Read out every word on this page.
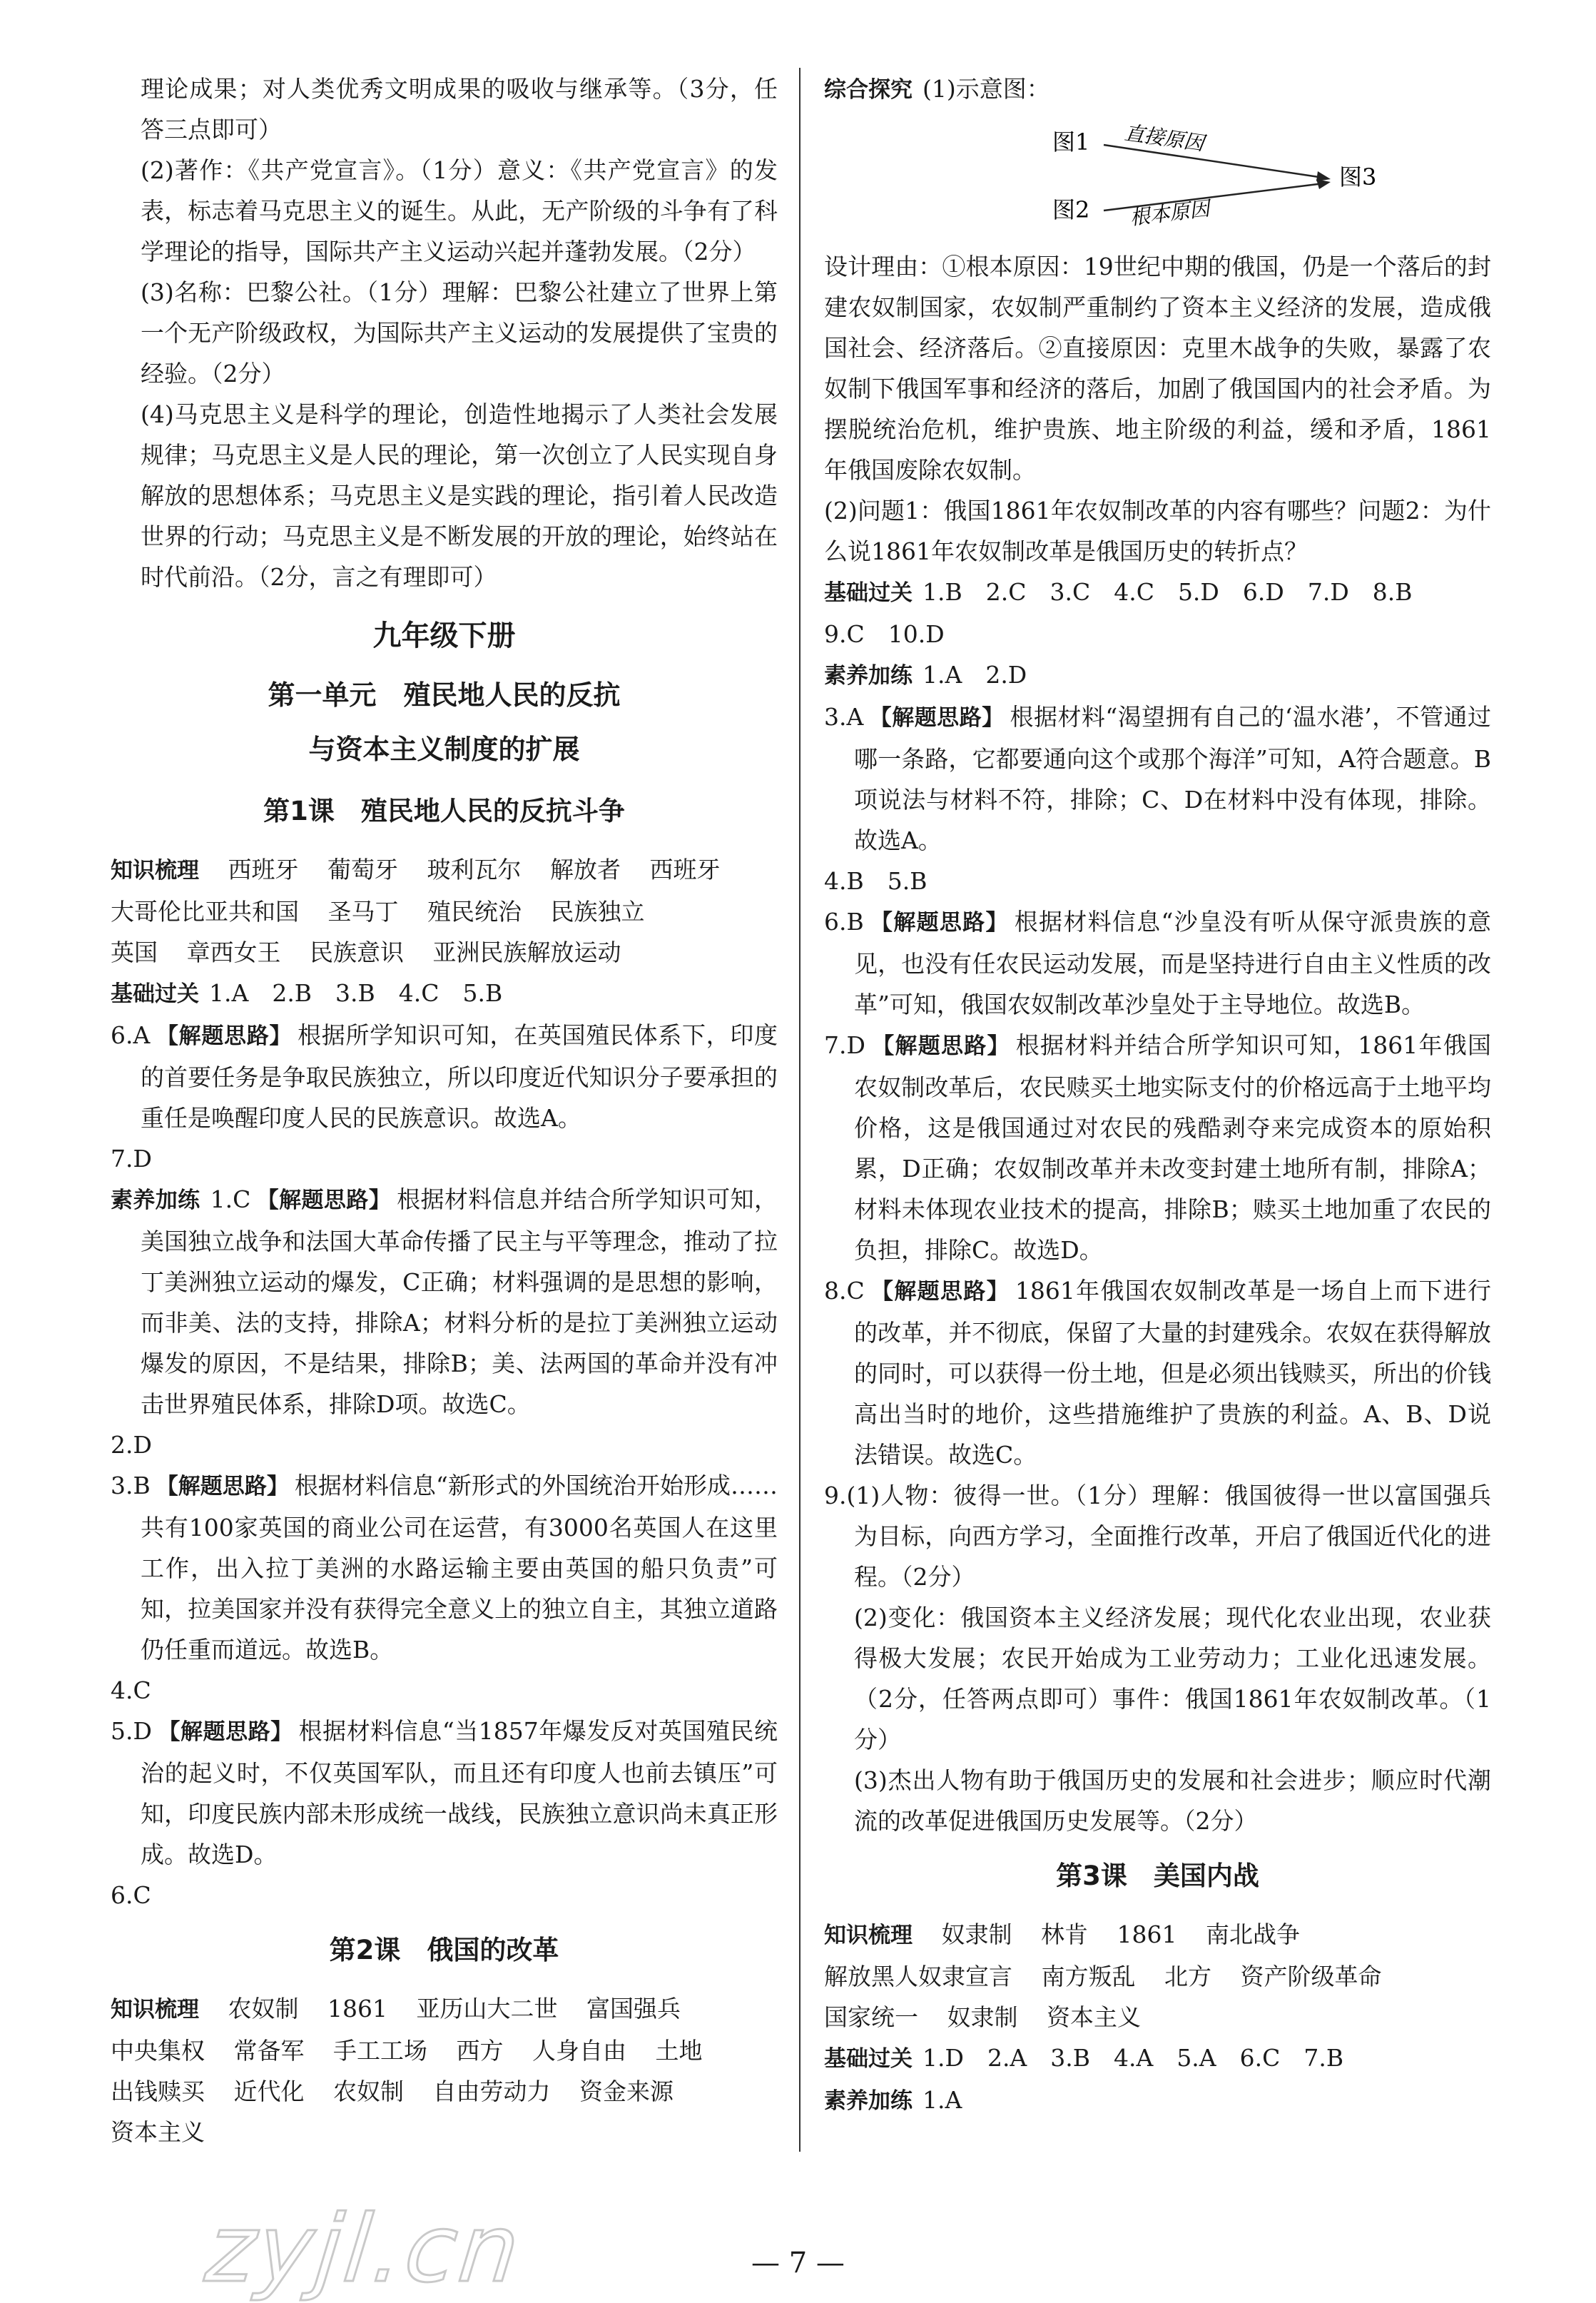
理论成果；对人类优秀文明成果的吸收与继承等。（3分，任答三点即可）

(2)著作：《共产党宣言》。（1分）意义：《共产党宣言》的发表，标志着马克思主义的诞生。从此，无产阶级的斗争有了科学理论的指导，国际共产主义运动兴起并蓬勃发展。（2分）

(3)名称：巴黎公社。（1分）理解：巴黎公社建立了世界上第一个无产阶级政权，为国际共产主义运动的发展提供了宝贵的经验。（2分）

(4)马克思主义是科学的理论，创造性地揭示了人类社会发展规律；马克思主义是人民的理论，第一次创立了人民实现自身解放的思想体系；马克思主义是实践的理论，指引着人民改造世界的行动；马克思主义是不断发展的开放的理论，始终站在时代前沿。（2分，言之有理即可）

九年级下册
第一单元　殖民地人民的反抗
与资本主义制度的扩展
第1课　殖民地人民的反抗斗争

知识梳理 西班牙 葡萄牙 玻利瓦尔 解放者 西班牙

大哥伦比亚共和国 圣马丁 殖民统治 民族独立

英国 章西女王 民族意识 亚洲民族解放运动

基础过关 1.A　2.B　3.B　4.C　5.B

6.A 【解题思路】 根据所学知识可知，在英国殖民体系下，印度的首要任务是争取民族独立，所以印度近代知识分子要承担的重任是唤醒印度人民的民族意识。故选A。

7.D

素养加练 1.C 【解题思路】 根据材料信息并结合所学知识可知，美国独立战争和法国大革命传播了民主与平等理念，推动了拉丁美洲独立运动的爆发，C正确；材料强调的是思想的影响，而非美、法的支持，排除A；材料分析的是拉丁美洲独立运动爆发的原因，不是结果，排除B；美、法两国的革命并没有冲击世界殖民体系，排除D项。故选C。

2.D

3.B 【解题思路】 根据材料信息“新形式的外国统治开始形成……共有100家英国的商业公司在运营，有3000名英国人在这里工作，出入拉丁美洲的水路运输主要由英国的船只负责”可知，拉美国家并没有获得完全意义上的独立自主，其独立道路仍任重而道远。故选B。

4.C

5.D 【解题思路】 根据材料信息“当1857年爆发反对英国殖民统治的起义时，不仅英国军队，而且还有印度人也前去镇压”可知，印度民族内部未形成统一战线，民族独立意识尚未真正形成。故选D。

6.C

第2课　俄国的改革

知识梳理 农奴制 1861 亚历山大二世 富国强兵

中央集权 常备军 手工工场 西方 人身自由 土地

出钱赎买 近代化 农奴制 自由劳动力 资金来源

资本主义

综合探究 (1)示意图：

图1
图2
图3
直接原因
根本原因

设计理由：①根本原因：19世纪中期的俄国，仍是一个落后的封建农奴制国家，农奴制严重制约了资本主义经济的发展，造成俄国社会、经济落后。②直接原因：克里木战争的失败，暴露了农奴制下俄国军事和经济的落后，加剧了俄国国内的社会矛盾。为摆脱统治危机，维护贵族、地主阶级的利益，缓和矛盾，1861年俄国废除农奴制。

(2)问题1：俄国1861年农奴制改革的内容有哪些？问题2：为什么说1861年农奴制改革是俄国历史的转折点？

基础过关 1.B　2.C　3.C　4.C　5.D　6.D　7.D　8.B

9.C　10.D

素养加练 1.A　2.D

3.A 【解题思路】 根据材料“渴望拥有自己的‘温水港’，不管通过哪一条路，它都要通向这个或那个海洋”可知，A符合题意。B项说法与材料不符，排除；C、D在材料中没有体现，排除。故选A。

4.B　5.B

6.B 【解题思路】 根据材料信息“沙皇没有听从保守派贵族的意见，也没有任农民运动发展，而是坚持进行自由主义性质的改革”可知，俄国农奴制改革沙皇处于主导地位。故选B。

7.D 【解题思路】 根据材料并结合所学知识可知，1861年俄国农奴制改革后，农民赎买土地实际支付的价格远高于土地平均价格，这是俄国通过对农民的残酷剥夺来完成资本的原始积累，D正确；农奴制改革并未改变封建土地所有制，排除A；材料未体现农业技术的提高，排除B；赎买土地加重了农民的负担，排除C。故选D。

8.C 【解题思路】 1861年俄国农奴制改革是一场自上而下进行的改革，并不彻底，保留了大量的封建残余。农奴在获得解放的同时，可以获得一份土地，但是必须出钱赎买，所出的价钱高出当时的地价，这些措施维护了贵族的利益。A、B、D说法错误。故选C。

9.(1)人物：彼得一世。（1分）理解：俄国彼得一世以富国强兵为目标，向西方学习，全面推行改革，开启了俄国近代化的进程。（2分）

(2)变化：俄国资本主义经济发展；现代化农业出现，农业获得极大发展；农民开始成为工业劳动力；工业化迅速发展。（2分，任答两点即可）事件：俄国1861年农奴制改革。（1分）

(3)杰出人物有助于俄国历史的发展和社会进步；顺应时代潮流的改革促进俄国历史发展等。（2分）

第3课　美国内战

知识梳理 奴隶制 林肯 1861 南北战争

解放黑人奴隶宣言 南方叛乱 北方 资产阶级革命

国家统一 奴隶制 资本主义

基础过关 1.D　2.A　3.B　4.A　5.A　6.C　7.B

素养加练 1.A

zyjl.cn	— 7 —
